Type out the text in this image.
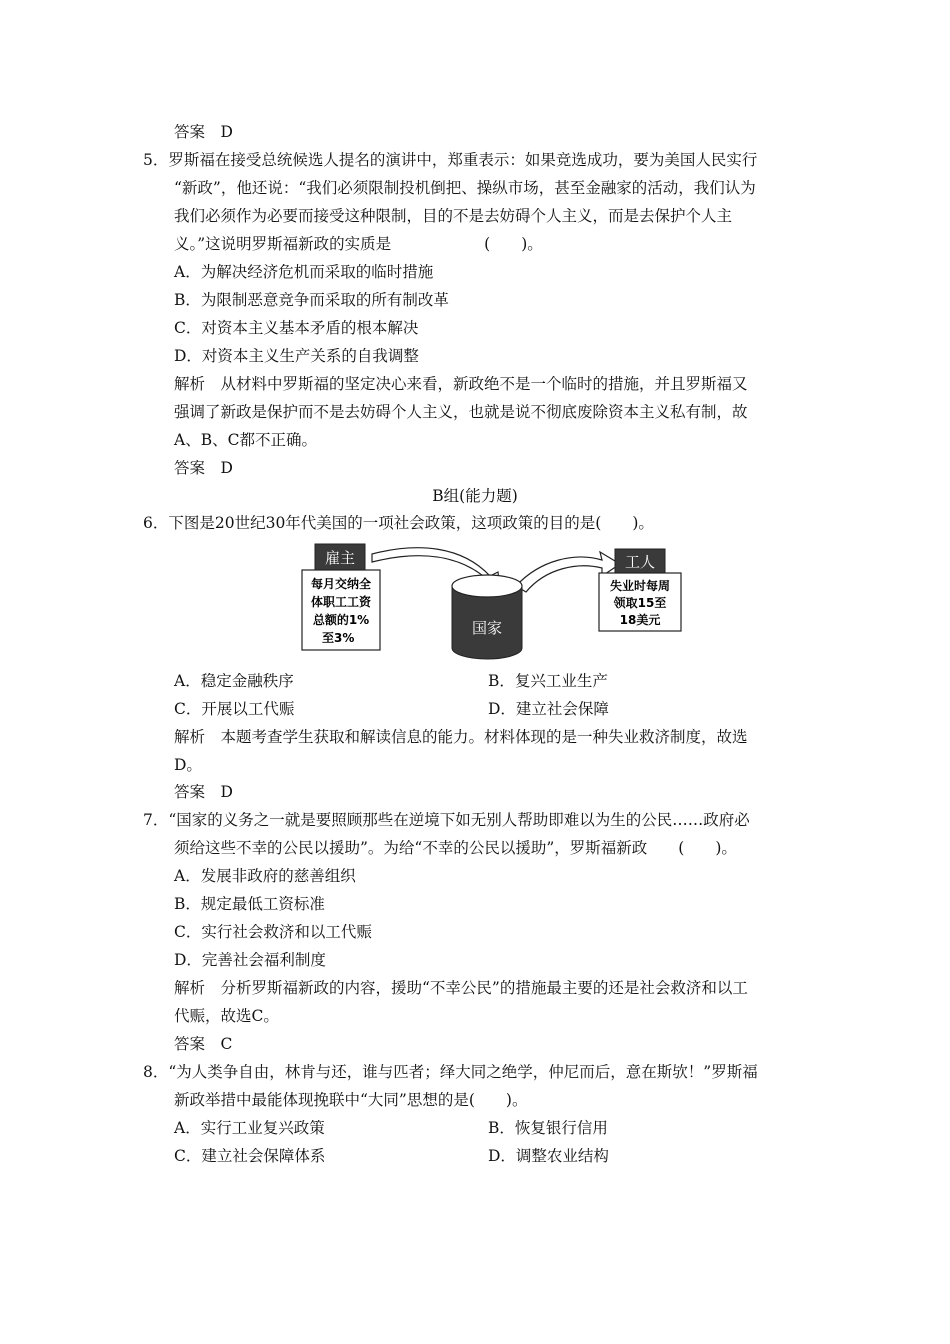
答案　D
5．罗斯福在接受总统候选人提名的演讲中，郑重表示：如果竞选成功，要为美国人民实行
“新政”，他还说：“我们必须限制投机倒把、操纵市场，甚至金融家的活动，我们认为
我们必须作为必要而接受这种限制，目的不是去妨碍个人主义，而是去保护个人主
义。”这说明罗斯福新政的实质是　　　　　　(　　)。
A．为解决经济危机而采取的临时措施
B．为限制恶意竞争而采取的所有制改革
C．对资本主义基本矛盾的根本解决
D．对资本主义生产关系的自我调整
解析　从材料中罗斯福的坚定决心来看，新政绝不是一个临时的措施，并且罗斯福又
强调了新政是保护而不是去妨碍个人主义，也就是说不彻底废除资本主义私有制，故
A、B、C都不正确。
答案　D
B组(能力题)
6．下图是20世纪30年代美国的一项社会政策，这项政策的目的是(　　)。
雇主
每月交纳全
体职工工资
总额的1%
至3%
国家
工人
失业时每周
领取15至
18美元
A．稳定金融秩序	B．复兴工业生产
C．开展以工代赈	D．建立社会保障
解析　本题考查学生获取和解读信息的能力。材料体现的是一种失业救济制度，故选
D。
答案　D
7．“国家的义务之一就是要照顾那些在逆境下如无别人帮助即难以为生的公民……政府必
须给这些不幸的公民以援助”。为给“不幸的公民以援助”，罗斯福新政　　(　　)。
A．发展非政府的慈善组织
B．规定最低工资标准
C．实行社会救济和以工代赈
D．完善社会福利制度
解析　分析罗斯福新政的内容，援助“不幸公民”的措施最主要的还是社会救济和以工
代赈，故选C。
答案　C
8．“为人类争自由，林肯与还，谁与匹者；绎大同之绝学，仲尼而后，意在斯欤！”罗斯福
新政举措中最能体现挽联中“大同”思想的是(　　)。
A．实行工业复兴政策	B．恢复银行信用
C．建立社会保障体系	D．调整农业结构
